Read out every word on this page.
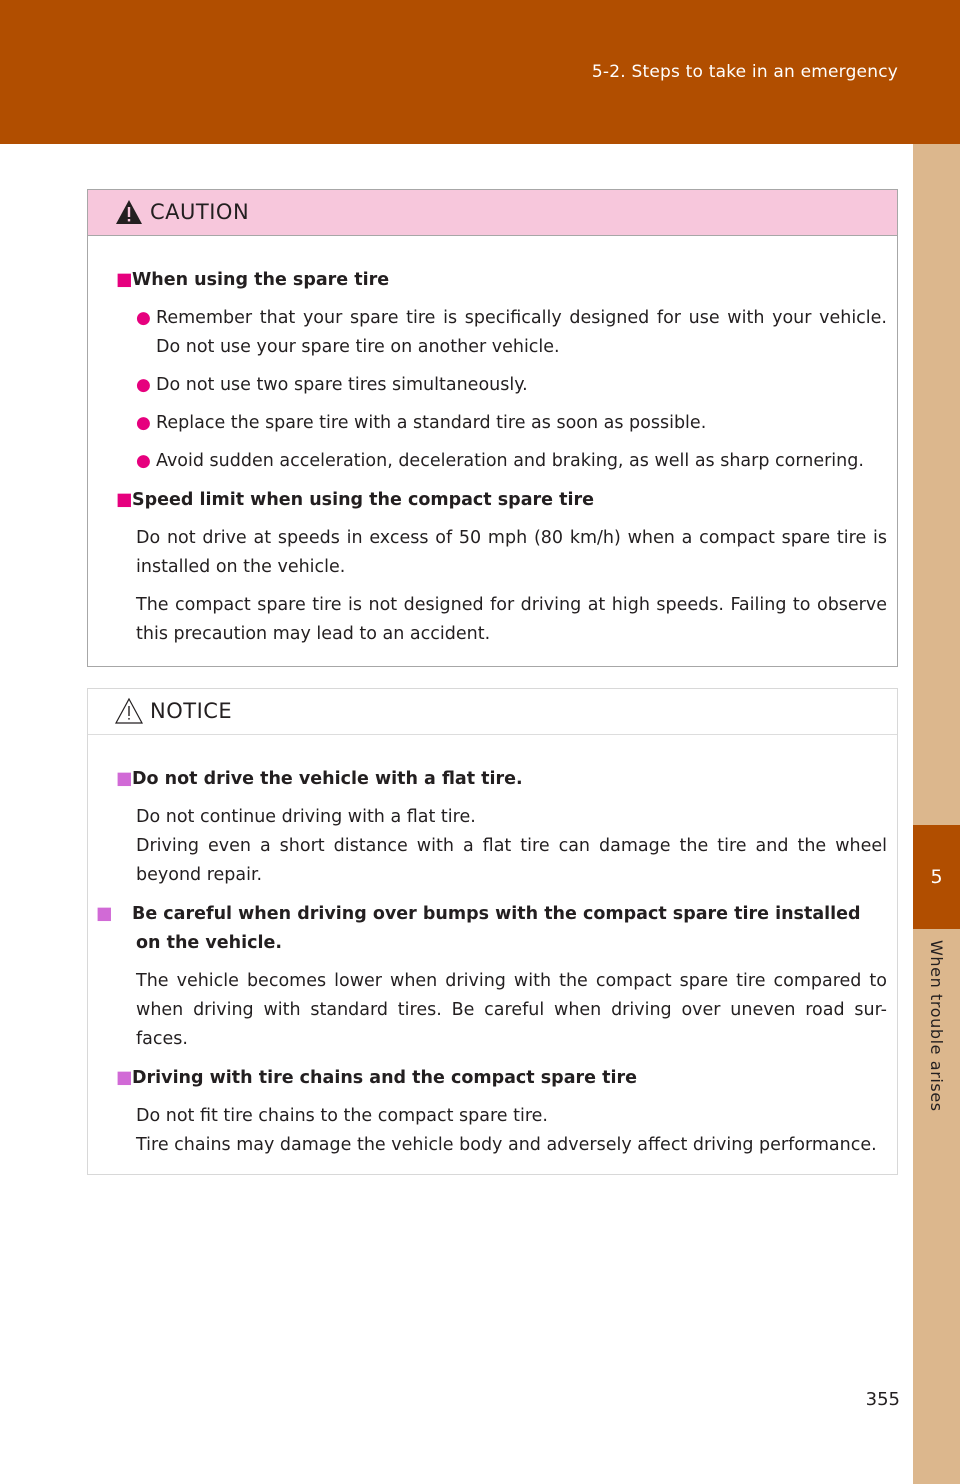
5-2. Steps to take in an emergency
5
When trouble arises
CAUTION
■When using the spare tire
● Remember that your spare tire is specifically designed for use with your vehicle. Do not use your spare tire on another vehicle.
● Do not use two spare tires simultaneously.
● Replace the spare tire with a standard tire as soon as possible.
● Avoid sudden acceleration, deceleration and braking, as well as sharp cornering.
■Speed limit when using the compact spare tire
Do not drive at speeds in excess of 50 mph (80 km/h) when a compact spare tire is installed on the vehicle.
The compact spare tire is not designed for driving at high speeds. Failing to observe this precaution may lead to an accident.
NOTICE
■Do not drive the vehicle with a flat tire.
Do not continue driving with a flat tire.
Driving even a short distance with a flat tire can damage the tire and the wheel beyond repair.
■ Be careful when driving over bumps with the compact spare tire installed on the vehicle.
The vehicle becomes lower when driving with the compact spare tire compared to when driving with standard tires. Be careful when driving over uneven road sur-faces.
■Driving with tire chains and the compact spare tire
Do not fit tire chains to the compact spare tire.
Tire chains may damage the vehicle body and adversely affect driving performance.
355
